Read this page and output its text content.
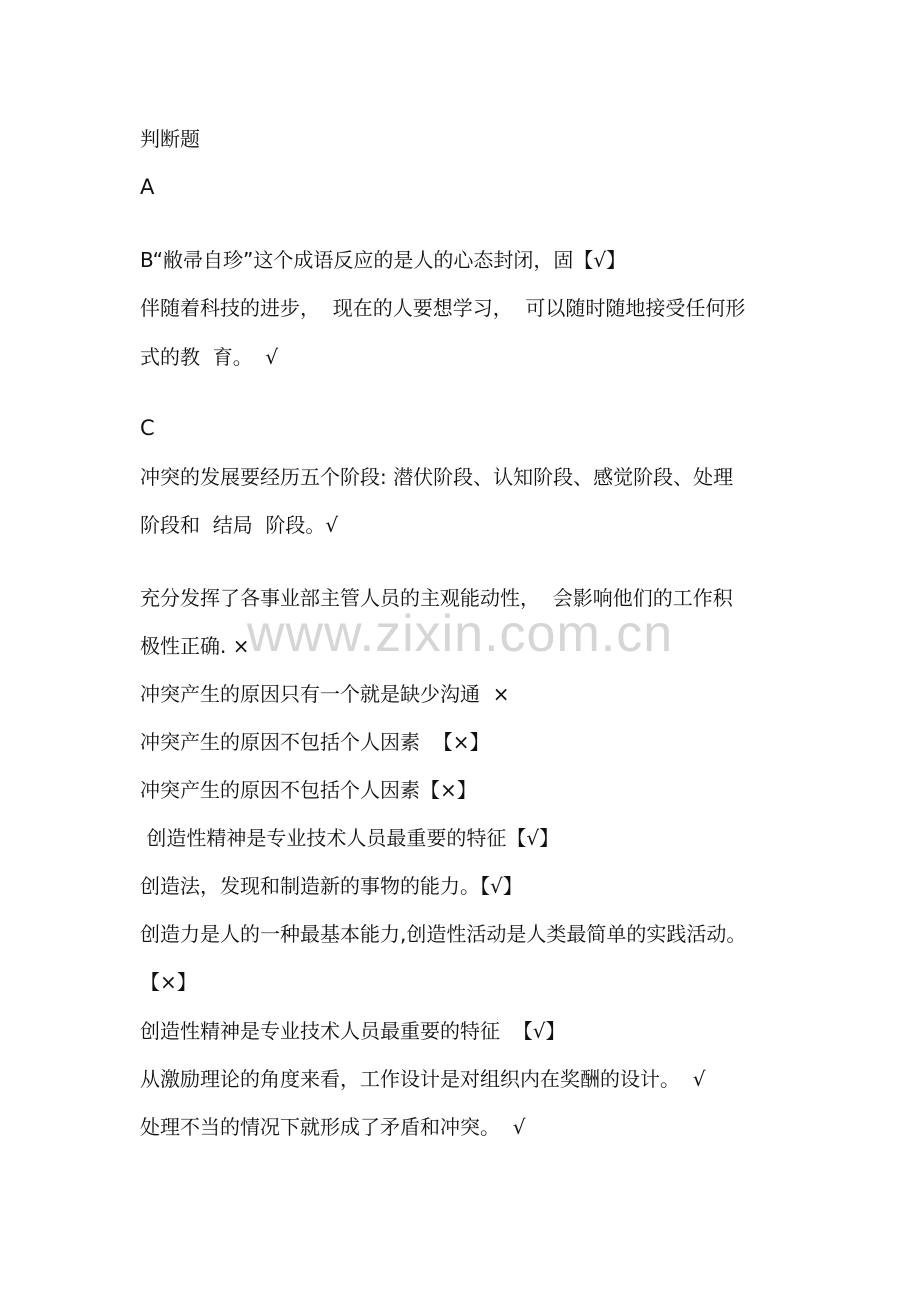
判断题

A

B“敝帚自珍”这个成语反应的是人的心态封闭，固【√】

伴随着科技的进步，  现在的人要想学习，  可以随时随地接受任何形

式的教  育。  √

C

冲突的发展要经历五个阶段: 潜伏阶段、认知阶段、感觉阶段、处理

阶段和  结局  阶段。√

充分发挥了各事业部主管人员的主观能动性，  会影响他们的工作积

极性正确. ×

冲突产生的原因只有一个就是缺少沟通  ×

冲突产生的原因不包括个人因素  【×】

冲突产生的原因不包括个人因素【×】

创造性精神是专业技术人员最重要的特征【√】

创造法，发现和制造新的事物的能力。【√】

创造力是人的一种最基本能力,创造性活动是人类最简单的实践活动。

【×】

创造性精神是专业技术人员最重要的特征  【√】

从激励理论的角度来看，工作设计是对组织内在奖酬的设计。  √

处理不当的情况下就形成了矛盾和冲突。  √

www.zixin.com.cn
